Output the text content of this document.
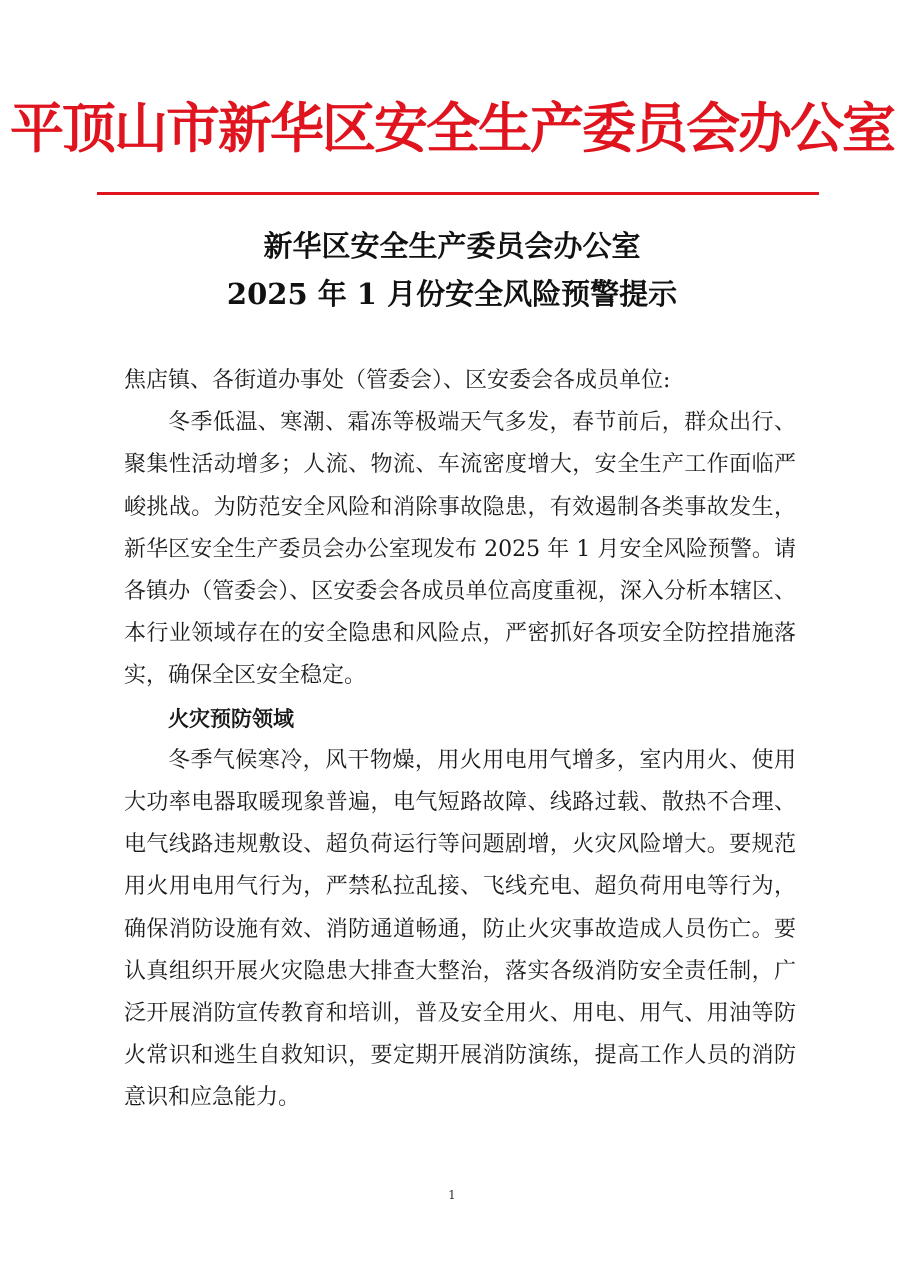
平顶山市新华区安全生产委员会办公室
新华区安全生产委员会办公室
2025 年 1 月份安全风险预警提示

焦店镇、各街道办事处（管委会）、区安委会各成员单位:

冬季低温、寒潮、霜冻等极端天气多发，春节前后，群众出行、聚集性活动增多；人流、物流、车流密度增大，安全生产工作面临严峻挑战。为防范安全风险和消除事故隐患，有效遏制各类事故发生，新华区安全生产委员会办公室现发布 2025 年 1 月安全风险预警。请各镇办（管委会）、区安委会各成员单位高度重视，深入分析本辖区、本行业领域存在的安全隐患和风险点，严密抓好各项安全防控措施落实，确保全区安全稳定。

火灾预防领域

冬季气候寒冷，风干物燥，用火用电用气增多，室内用火、使用大功率电器取暖现象普遍，电气短路故障、线路过载、散热不合理、电气线路违规敷设、超负荷运行等问题剧增，火灾风险增大。要规范用火用电用气行为，严禁私拉乱接、飞线充电、超负荷用电等行为，确保消防设施有效、消防通道畅通，防止火灾事故造成人员伤亡。要认真组织开展火灾隐患大排查大整治，落实各级消防安全责任制，广泛开展消防宣传教育和培训，普及安全用火、用电、用气、用油等防火常识和逃生自救知识，要定期开展消防演练，提高工作人员的消防意识和应急能力。

1
